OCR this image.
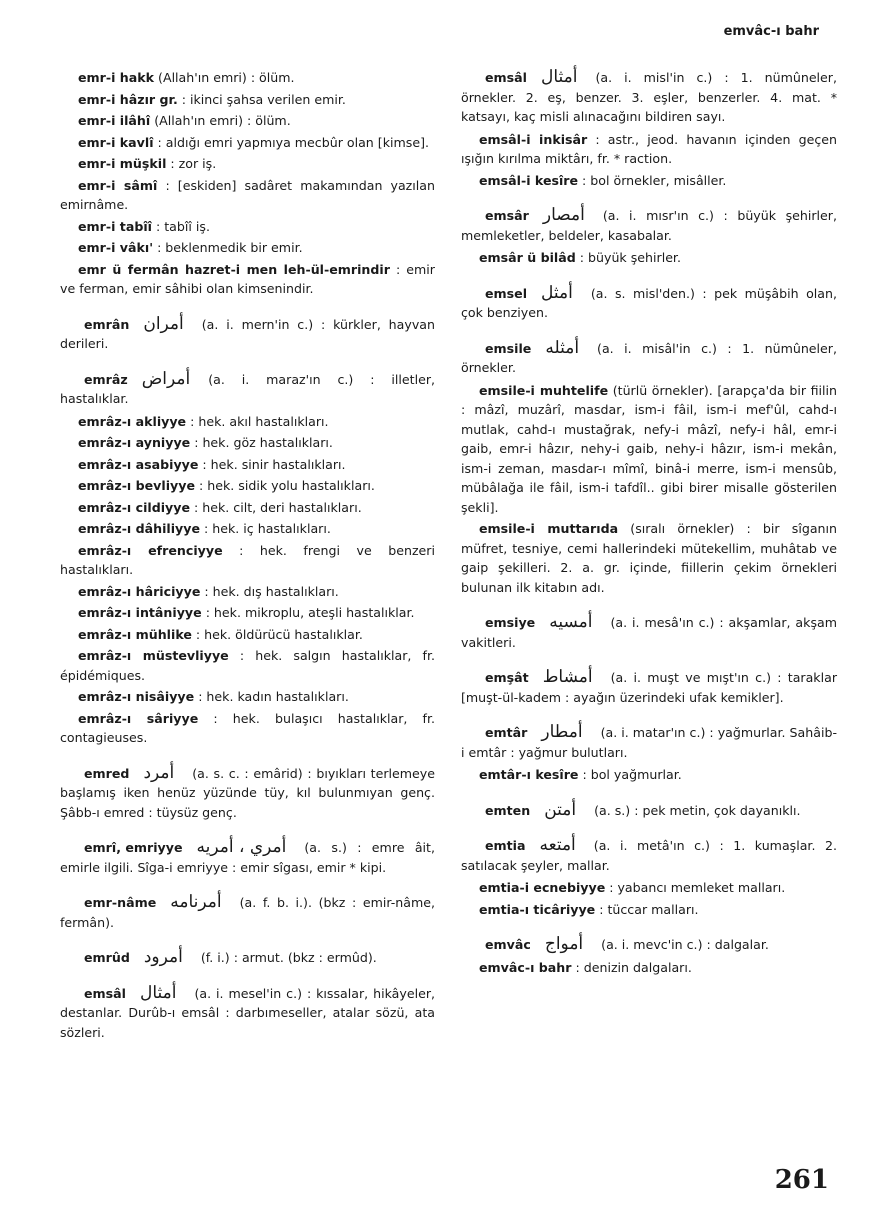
emvâc-ı bahr
emr-i hakk (Allah'ın emri) : ölüm.
emr-i hâzır gr. : ikinci şahsa verilen emir.
emr-i ilâhî (Allah'ın emri) : ölüm.
emr-i kavlî : aldığı emri yapmıya mecbûr olan [kimse].
emr-i müşkil : zor iş.
emr-i sâmî : [eskiden] sadâret makamından yazılan emirnâme.
emr-i tabîî : tabîî iş.
emr-i vâkı' : beklenmedik bir emir.
emr ü fermân hazret-i men leh-ül-emrindir : emir ve ferman, emir sâhibi olan kimsenindir.
emrân أمران (a. i. mern'in c.) : kürkler, hayvan derileri.
emrâz أمراض (a. i. maraz'ın c.) : illetler, hastalıklar.
emrâz-ı akliyye : hek. akıl hastalıkları.
emrâz-ı ayniyye : hek. göz hastalıkları.
emrâz-ı asabiyye : hek. sinir hastalıkları.
emrâz-ı bevliyye : hek. sidik yolu hastalıkları.
emrâz-ı cildiyye : hek. cilt, deri hastalıkları.
emrâz-ı dâhiliyye : hek. iç hastalıkları.
emrâz-ı efrenciyye : hek. frengi ve benzeri hastalıkları.
emrâz-ı hâriciyye : hek. dış hastalıkları.
emrâz-ı intâniyye : hek. mikroplu, ateşli hastalıklar.
emrâz-ı mühlike : hek. öldürücü hastalıklar.
emrâz-ı müstevliyye : hek. salgın hastalıklar, fr. épidémiques.
emrâz-ı nisâiyye : hek. kadın hastalıkları.
emrâz-ı sâriyye : hek. bulaşıcı hastalıklar, fr. contagieuses.
emred أمرد (a. s. c. : emârid) : bıyıkları terlemeye başlamış iken henüz yüzünde tüy, kıl bulunmıyan genç. Şâbb-ı emred : tüysüz genç.
emrî, emriyye أمري ، أمريه (a. s.) : emre âit, emirle ilgili. Sîga-i emriyye : emir sîgası, emir * kipi.
emr-nâme أمرنامه (a. f. b. i.). (bkz : emir-nâme, fermân).
emrûd أمرود (f. i.) : armut. (bkz : ermûd).
emsâl أمثال (a. i. mesel'in c.) : kıssalar, hikâyeler, destanlar. Durûb-ı emsâl : darbımeseller, atalar sözü, ata sözleri.
emsâl أمثال (a. i. misl'in c.) : 1. nümûneler, örnekler. 2. eş, benzer. 3. eşler, benzerler. 4. mat. * katsayı, kaç misli alınacağını bildiren sayı.
emsâl-i inkisâr : astr., jeod. havanın içinden geçen ışığın kırılma miktârı, fr. * raction.
emsâl-i kesîre : bol örnekler, misâller.
emsâr أمصار (a. i. mısr'ın c.) : büyük şehirler, memleketler, beldeler, kasabalar.
emsâr ü bilâd : büyük şehirler.
emsel أمثل (a. s. misl'den.) : pek müşâbih olan, çok benziyen.
emsile أمثله (a. i. misâl'in c.) : 1. nümûneler, örnekler.
emsile-i muhtelife (türlü örnekler). [arapça'da bir fiilin : mâzî, muzârî, masdar, ism-i fâil, ism-i mef'ûl, cahd-ı mutlak, cahd-ı mustağrak, nefy-i mâzî, nefy-i hâl, emr-i gaib, emr-i hâzır, nehy-i gaib, nehy-i hâzır, ism-i mekân, ism-i zeman, masdar-ı mîmî, binâ-i merre, ism-i mensûb, mübâlağa ile fâil, ism-i tafdîl.. gibi birer misalle gösterilen şekli].
emsile-i muttarıda (sıralı örnekler) : bir sîganın müfret, tesniye, cemi hallerindeki mütekellim, muhâtab ve gaip şekilleri. 2. a. gr. içinde, fiillerin çekim örnekleri bulunan ilk kitabın adı.
emsiye أمسيه (a. i. mesâ'ın c.) : akşamlar, akşam vakitleri.
emşât أمشاط (a. i. muşt ve mışt'ın c.) : taraklar [muşt-ül-kadem : ayağın üzerindeki ufak kemikler].
emtâr أمطار (a. i. matar'ın c.) : yağmurlar. Sahâib-i emtâr : yağmur bulutları.
emtâr-ı kesîre : bol yağmurlar.
emten أمتن (a. s.) : pek metin, çok dayanıklı.
emtia أمتعه (a. i. metâ'ın c.) : 1. kumaşlar. 2. satılacak şeyler, mallar.
emtia-i ecnebiyye : yabancı memleket malları.
emtia-ı ticâriyye : tüccar malları.
emvâc أمواج (a. i. mevc'in c.) : dalgalar.
emvâc-ı bahr : denizin dalgaları.
261
